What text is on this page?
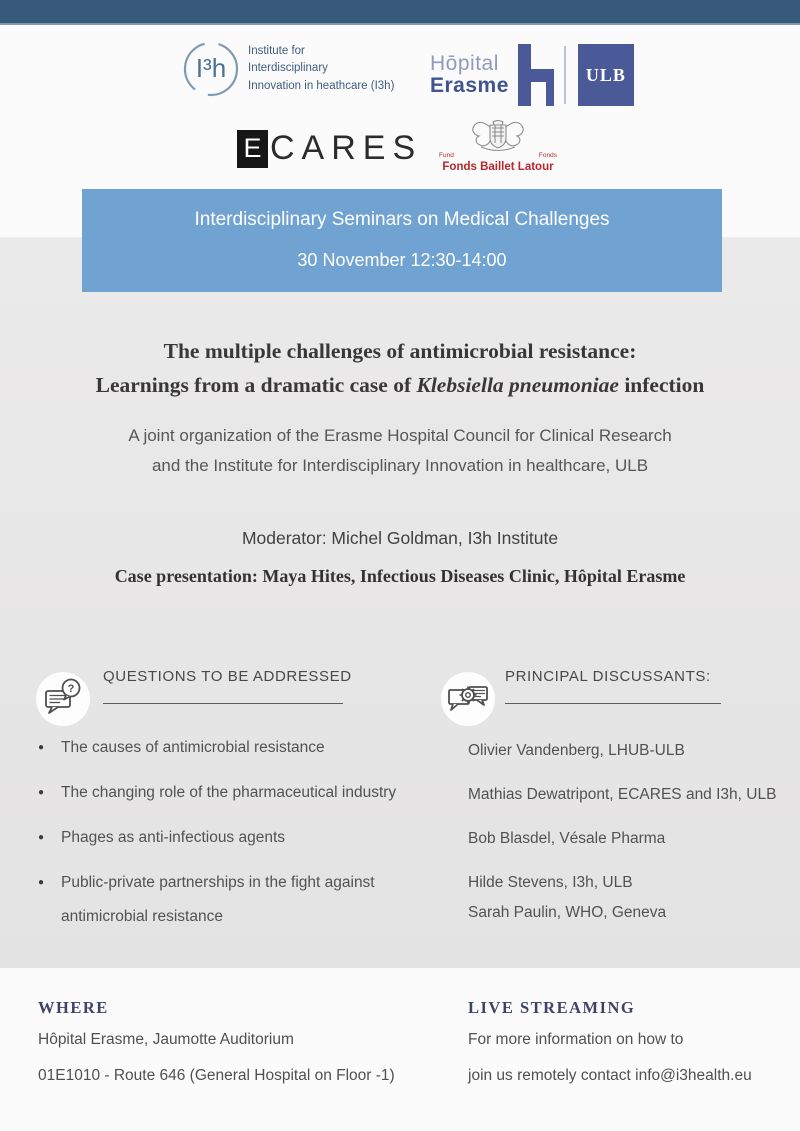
I³h
Institute for
Interdisciplinary
Innovation in heathcare (I3h)
Hōpital
Erasme	ULB
E CARES	Fund	Fonds
Fonds Baillet Latour
Interdisciplinary Seminars on Medical Challenges
30 November 12:30-14:00
The multiple challenges of antimicrobial resistance:
Learnings from a dramatic case of Klebsiella pneumoniae infection
A joint organization of the Erasme Hospital Council for Clinical Research
and the Institute for Interdisciplinary Innovation in healthcare, ULB
Moderator: Michel Goldman, I3h Institute
Case presentation: Maya Hites, Infectious Diseases Clinic, Hôpital Erasme
?
QUESTIONS TO BE ADDRESSED
● The causes of antimicrobial resistance
● The changing role of the pharmaceutical industry
● Phages as anti-infectious agents
● Public-private partnerships in the fight against antimicrobial resistance
PRINCIPAL DISCUSSANTS:
Olivier Vandenberg, LHUB-ULB
Mathias Dewatripont, ECARES and I3h, ULB
Bob Blasdel, Vésale Pharma
Hilde Stevens, I3h, ULB
Sarah Paulin, WHO, Geneva
WHERE
Hôpital Erasme, Jaumotte Auditorium
01E1010 - Route 646 (General Hospital on Floor -1)
LIVE STREAMING
For more information on how to
join us remotely contact info@i3health.eu
